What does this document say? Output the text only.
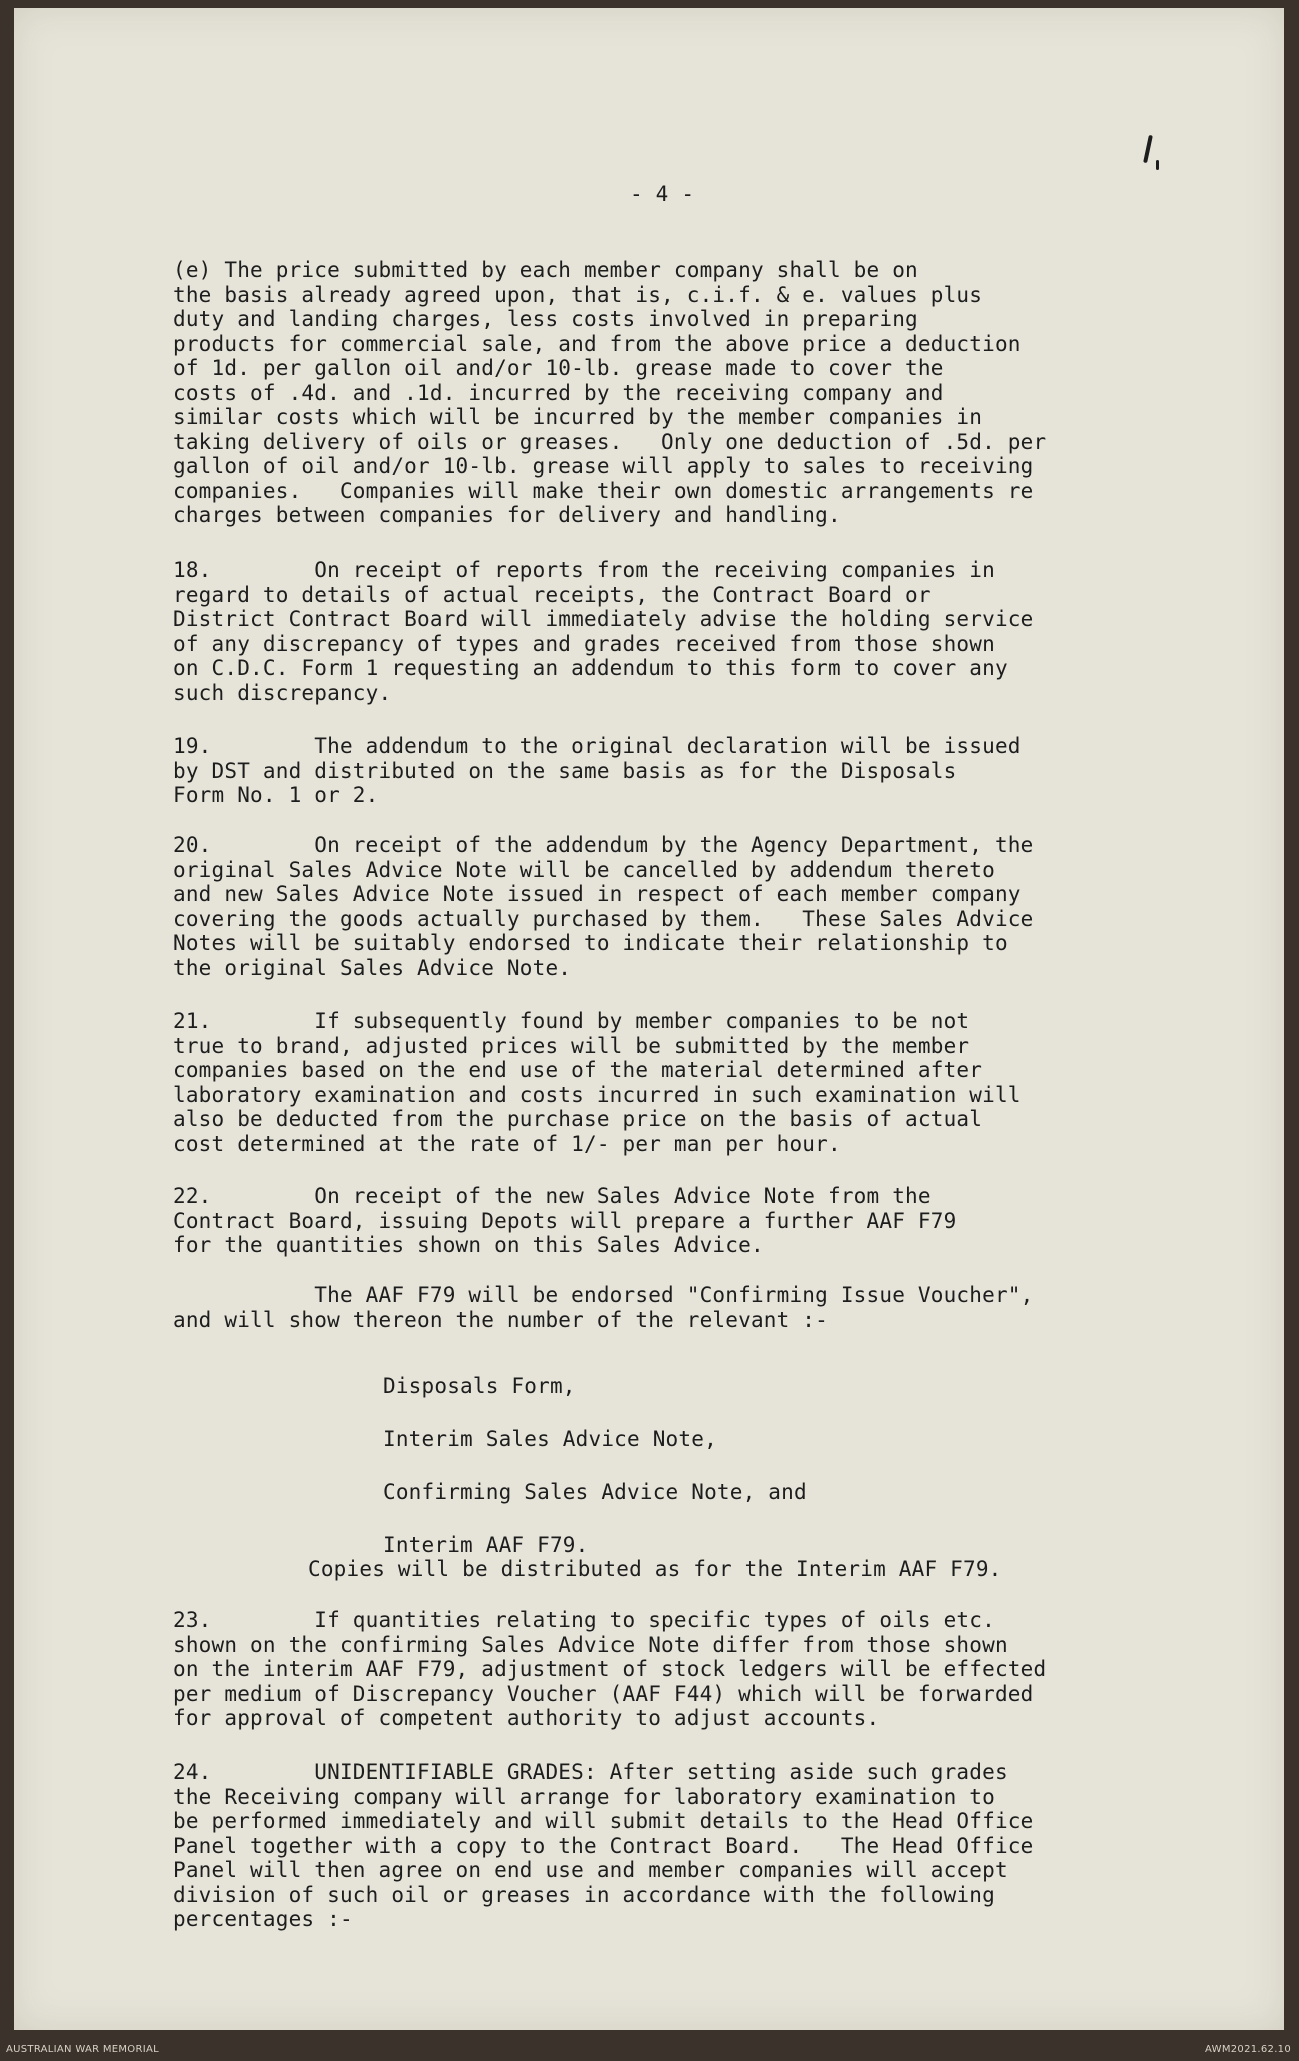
- 4 -
(e) The price submitted by each member company shall be on
the basis already agreed upon, that is, c.i.f. & e. values plus
duty and landing charges, less costs involved in preparing
products for commercial sale, and from the above price a deduction
of 1d. per gallon oil and/or 10-lb. grease made to cover the
costs of .4d. and .1d. incurred by the receiving company and
similar costs which will be incurred by the member companies in
taking delivery of oils or greases.   Only one deduction of .5d. per
gallon of oil and/or 10-lb. grease will apply to sales to receiving
companies.   Companies will make their own domestic arrangements re
charges between companies for delivery and handling.
18.        On receipt of reports from the receiving companies in
regard to details of actual receipts, the Contract Board or
District Contract Board will immediately advise the holding service
of any discrepancy of types and grades received from those shown
on C.D.C. Form 1 requesting an addendum to this form to cover any
such discrepancy.
19.        The addendum to the original declaration will be issued
by DST and distributed on the same basis as for the Disposals
Form No. 1 or 2.
20.        On receipt of the addendum by the Agency Department, the
original Sales Advice Note will be cancelled by addendum thereto
and new Sales Advice Note issued in respect of each member company
covering the goods actually purchased by them.   These Sales Advice
Notes will be suitably endorsed to indicate their relationship to
the original Sales Advice Note.
21.        If subsequently found by member companies to be not
true to brand, adjusted prices will be submitted by the member
companies based on the end use of the material determined after
laboratory examination and costs incurred in such examination will
also be deducted from the purchase price on the basis of actual
cost determined at the rate of 1/- per man per hour.
22.        On receipt of the new Sales Advice Note from the
Contract Board, issuing Depots will prepare a further AAF F79
for the quantities shown on this Sales Advice.
The AAF F79 will be endorsed "Confirming Issue Voucher",
and will show thereon the number of the relevant :-
Disposals Form,
Interim Sales Advice Note,
Confirming Sales Advice Note, and
Interim AAF F79.
Copies will be distributed as for the Interim AAF F79.
23.        If quantities relating to specific types of oils etc.
shown on the confirming Sales Advice Note differ from those shown
on the interim AAF F79, adjustment of stock ledgers will be effected
per medium of Discrepancy Voucher (AAF F44) which will be forwarded
for approval of competent authority to adjust accounts.
24.        UNIDENTIFIABLE GRADES: After setting aside such grades
the Receiving company will arrange for laboratory examination to
be performed immediately and will submit details to the Head Office
Panel together with a copy to the Contract Board.   The Head Office
Panel will then agree on end use and member companies will accept
division of such oil or greases in accordance with the following
percentages :-
AUSTRALIAN WAR MEMORIAL	AWM2021.62.10
